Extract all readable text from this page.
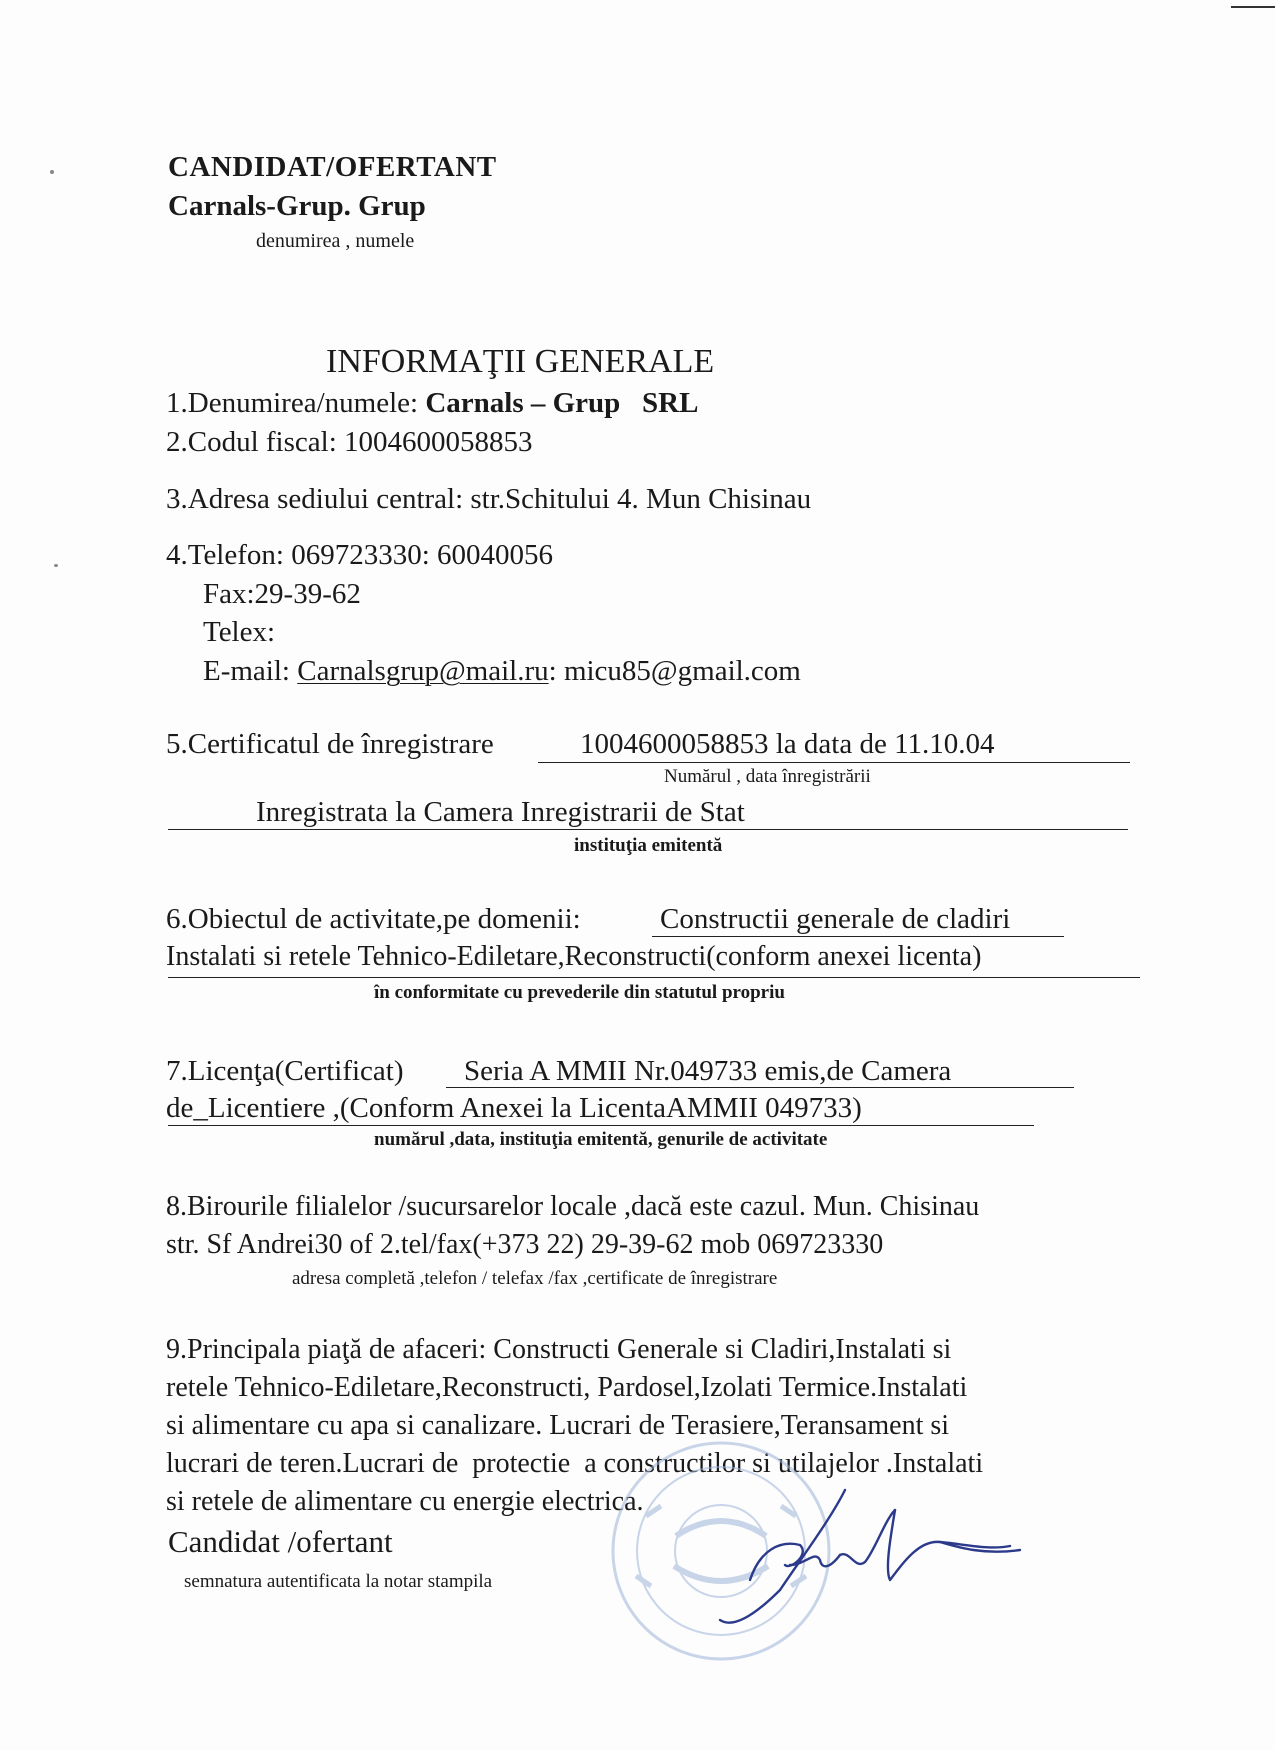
CANDIDAT/OFERTANT
Carnals-Grup. Grup
denumirea , numele
INFORMAŢII GENERALE
1.Denumirea/numele: Carnals – Grup   SRL
2.Codul fiscal: 1004600058853
3.Adresa sediului central: str.Schitului 4. Mun Chisinau
4.Telefon: 069723330: 60040056
Fax:29-39-62
Telex:
E-mail: Carnalsgrup@mail.ru: micu85@gmail.com
5.Certificatul de înregistrare	1004600058853 la data de 11.10.04
Numărul , data înregistrării
Inregistrata la Camera Inregistrarii de Stat
instituţia emitentă
6.Obiectul de activitate,pe domenii:	Constructii generale de cladiri
Instalati si retele Tehnico-Ediletare,Reconstructi(conform anexei licenta)
în conformitate cu prevederile din statutul propriu
7.Licenţa(Certificat) Seria A MMII Nr.049733 emis,de Camera
de_Licentiere ,(Conform Anexei la LicentaAMMII 049733)
numărul ,data, instituţia emitentă, genurile de activitate
8.Birourile filialelor /sucursarelor locale ,dacă este cazul. Mun. Chisinau
str. Sf Andrei30 of 2.tel/fax(+373 22) 29-39-62 mob 069723330
adresa completă ,telefon / telefax /fax ,certificate de înregistrare
9.Principala piaţă de afaceri: Constructi Generale si Cladiri,Instalati si
retele Tehnico-Ediletare,Reconstructi, Pardosel,Izolati Termice.Instalati
si alimentare cu apa si canalizare. Lucrari de Terasiere,Teransament si
lucrari de teren.Lucrari de  protectie  a constructilor si utilajelor .Instalati
si retele de alimentare cu energie electrica.
Candidat /ofertant
semnatura autentificata la notar stampila
